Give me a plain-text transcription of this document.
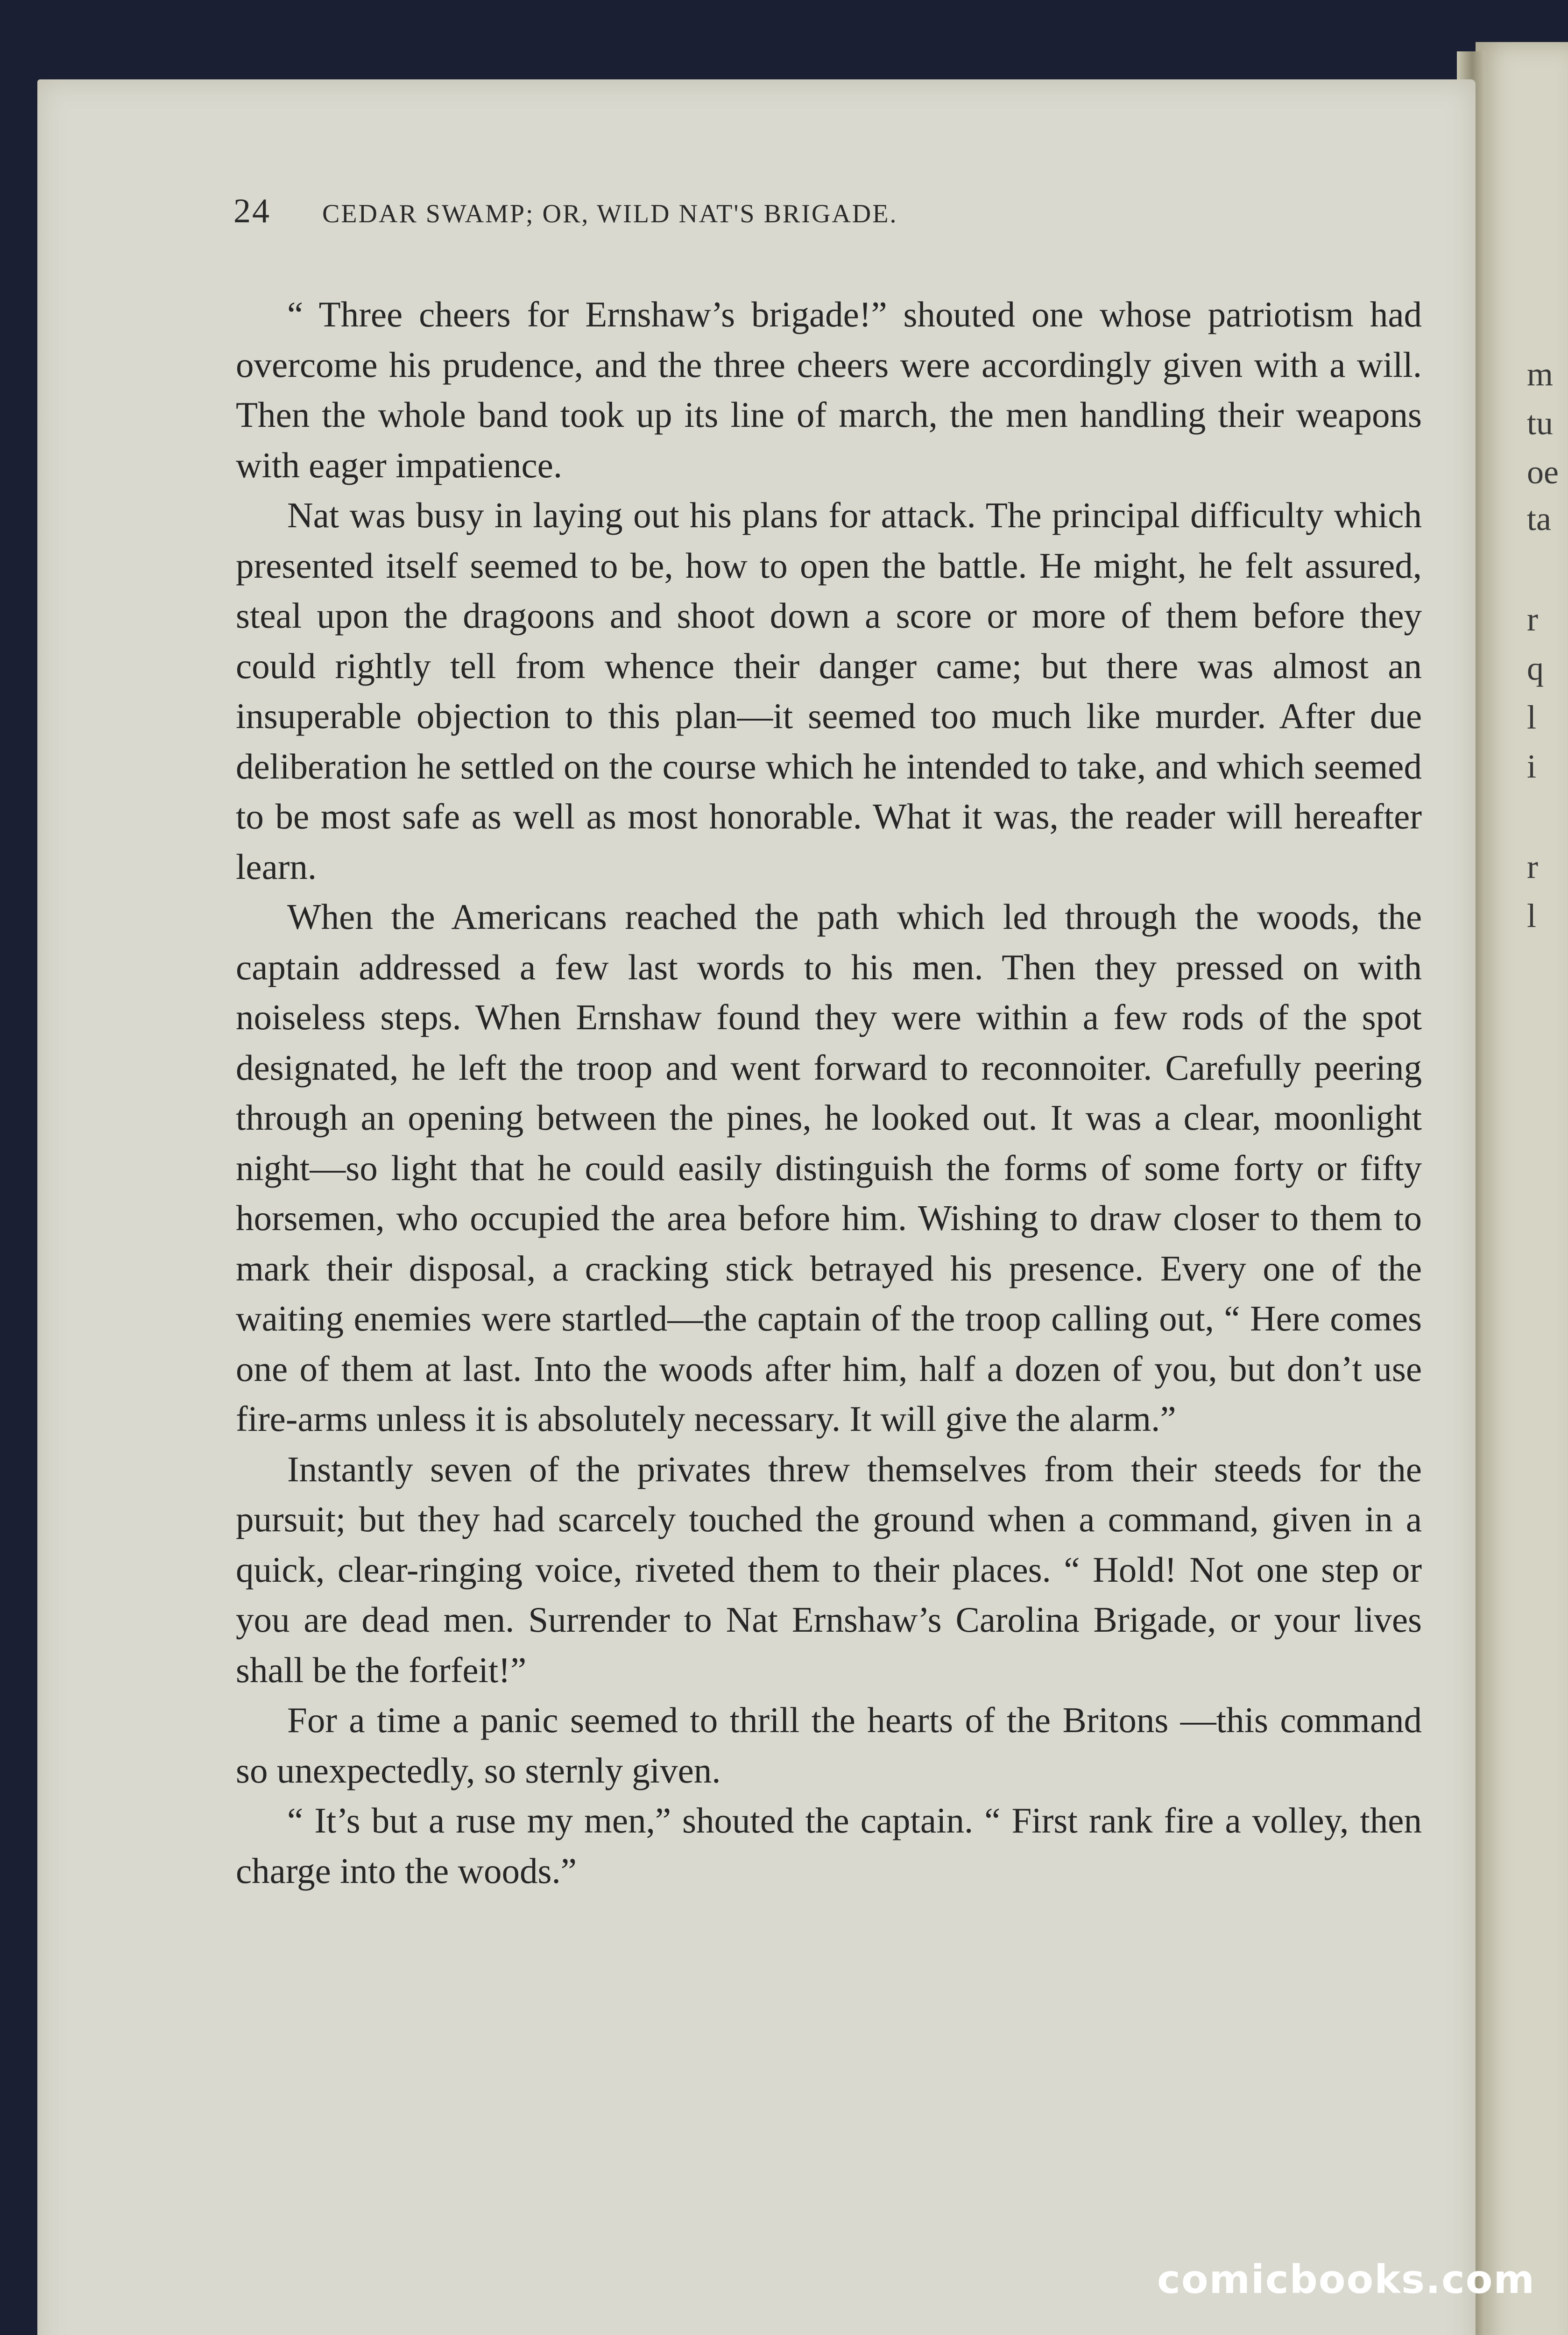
m
tu
oe
ta
r
q
l
i
r
l
24 CEDAR SWAMP; OR, WILD NAT'S BRIGADE.

“ Three cheers for Ernshaw’s brigade!” shouted one whose patriotism had overcome his prudence, and the three cheers were accordingly given with a will. Then the whole band took up its line of march, the men handling their weapons with eager impatience.

Nat was busy in laying out his plans for attack. The principal difficulty which presented itself seemed to be, how to open the battle. He might, he felt assured, steal upon the dragoons and shoot down a score or more of them before they could rightly tell from whence their danger came; but there was almost an insuperable objection to this plan—it seemed too much like murder. After due deliberation he settled on the course which he intended to take, and which seemed to be most safe as well as most honorable. What it was, the reader will hereafter learn.

When the Americans reached the path which led through the woods, the captain addressed a few last words to his men. Then they pressed on with noiseless steps. When Ernshaw found they were within a few rods of the spot designated, he left the troop and went forward to reconnoiter. Carefully peering through an opening between the pines, he looked out. It was a clear, moonlight night—so light that he could easily distinguish the forms of some forty or fifty horsemen, who occupied the area before him. Wishing to draw closer to them to mark their disposal, a cracking stick betrayed his presence. Every one of the waiting enemies were startled—the captain of the troop calling out, “ Here comes one of them at last. Into the woods after him, half a dozen of you, but don’t use fire-arms unless it is absolutely necessary. It will give the alarm.”

Instantly seven of the privates threw themselves from their steeds for the pursuit; but they had scarcely touched the ground when a command, given in a quick, clear-ringing voice, riveted them to their places. “ Hold! Not one step or you are dead men. Surrender to Nat Ernshaw’s Carolina Brigade, or your lives shall be the forfeit!”

For a time a panic seemed to thrill the hearts of the Britons —this command so unexpectedly, so sternly given.

“ It’s but a ruse my men,” shouted the captain. “ First rank fire a volley, then charge into the woods.”

comicbooks.com
